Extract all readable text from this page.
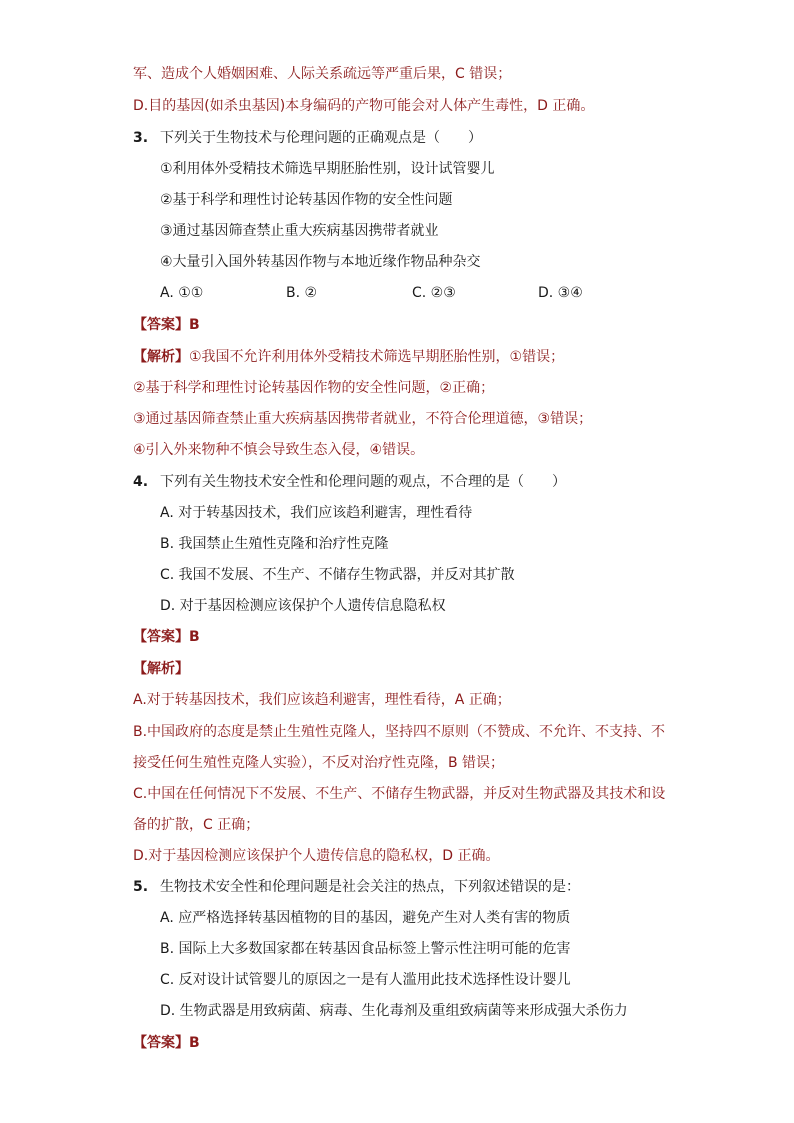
军、造成个人婚姻困难、人际关系疏远等严重后果，C 错误；
D.目的基因(如杀虫基因)本身编码的产物可能会对人体产生毒性，D 正确。
3. 下列关于生物技术与伦理问题的正确观点是（　　）
①利用体外受精技术筛选早期胚胎性别，设计试管婴儿
②基于科学和理性讨论转基因作物的安全性问题
③通过基因筛查禁止重大疾病基因携带者就业
④大量引入国外转基因作物与本地近缘作物品种杂交
A. ①①	B. ②	C. ②③	D. ③④
【答案】B
【解析】①我国不允许利用体外受精技术筛选早期胚胎性别，①错误；
②基于科学和理性讨论转基因作物的安全性问题，②正确；
③通过基因筛查禁止重大疾病基因携带者就业，不符合伦理道德，③错误；
④引入外来物种不慎会导致生态入侵，④错误。
4. 下列有关生物技术安全性和伦理问题的观点，不合理的是（　　）
A. 对于转基因技术，我们应该趋利避害，理性看待
B. 我国禁止生殖性克隆和治疗性克隆
C. 我国不发展、不生产、不储存生物武器，并反对其扩散
D. 对于基因检测应该保护个人遗传信息隐私权
【答案】B
【解析】
A.对于转基因技术，我们应该趋利避害，理性看待，A 正确；
B.中国政府的态度是禁止生殖性克隆人，坚持四不原则（不赞成、不允许、不支持、不
接受任何生殖性克隆人实验），不反对治疗性克隆，B 错误；
C.中国在任何情况下不发展、不生产、不储存生物武器，并反对生物武器及其技术和设
备的扩散，C 正确；
D.对于基因检测应该保护个人遗传信息的隐私权，D 正确。
5. 生物技术安全性和伦理问题是社会关注的热点，下列叙述错误的是：
A. 应严格选择转基因植物的目的基因，避免产生对人类有害的物质
B. 国际上大多数国家都在转基因食品标签上警示性注明可能的危害
C. 反对设计试管婴儿的原因之一是有人滥用此技术选择性设计婴儿
D. 生物武器是用致病菌、病毒、生化毒剂及重组致病菌等来形成强大杀伤力
【答案】B
